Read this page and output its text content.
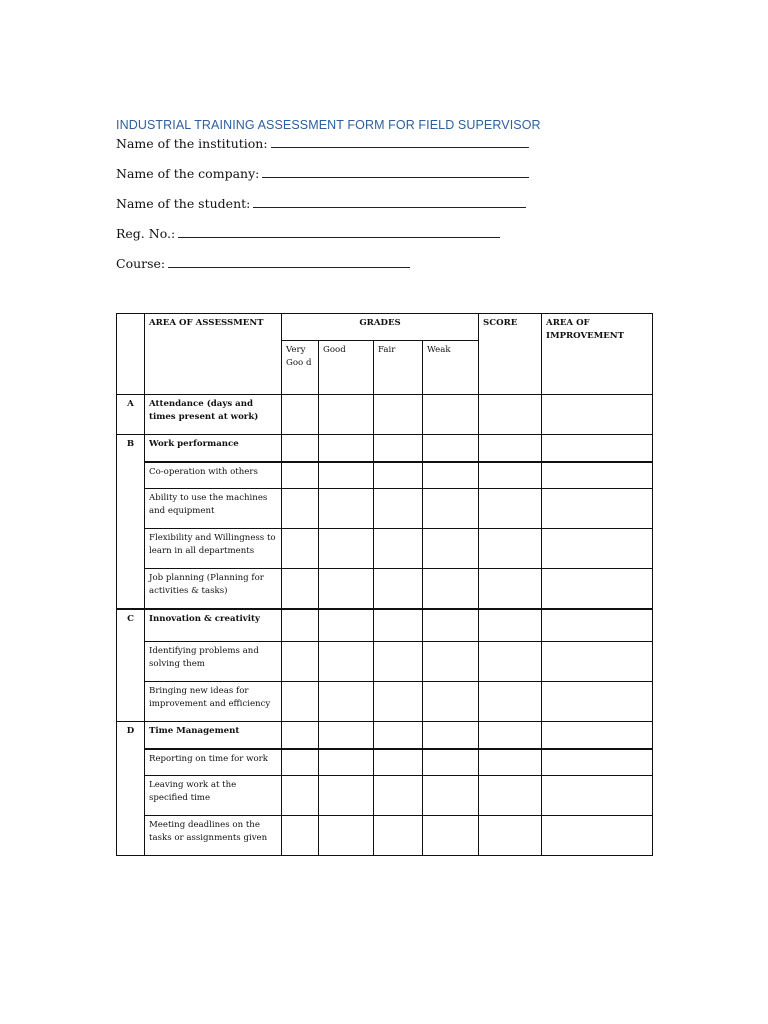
INDUSTRIAL TRAINING ASSESSMENT FORM FOR FIELD SUPERVISOR
Name of the institution:
Name of the company:
Name of the student:
Reg. No.:
Course:
	AREA OF ASSESSMENT	GRADES				SCORE	AREA OF IMPROVEMENT
		Very Goo d	Good	Fair	Weak		
A	Attendance (days and times present at work)						
B	Work performance						
	Co-operation with others						
	Ability to use the machines and equipment						
	Flexibility and Willingness to learn in all departments						
	Job planning (Planning for activities & tasks)						
C	Innovation & creativity						
	Identifying problems and solving them						
	Bringing new ideas for improvement and efficiency						
D	Time Management						
	Reporting on time for work						
	Leaving work at the specified time						
	Meeting deadlines on the tasks or assignments given						
